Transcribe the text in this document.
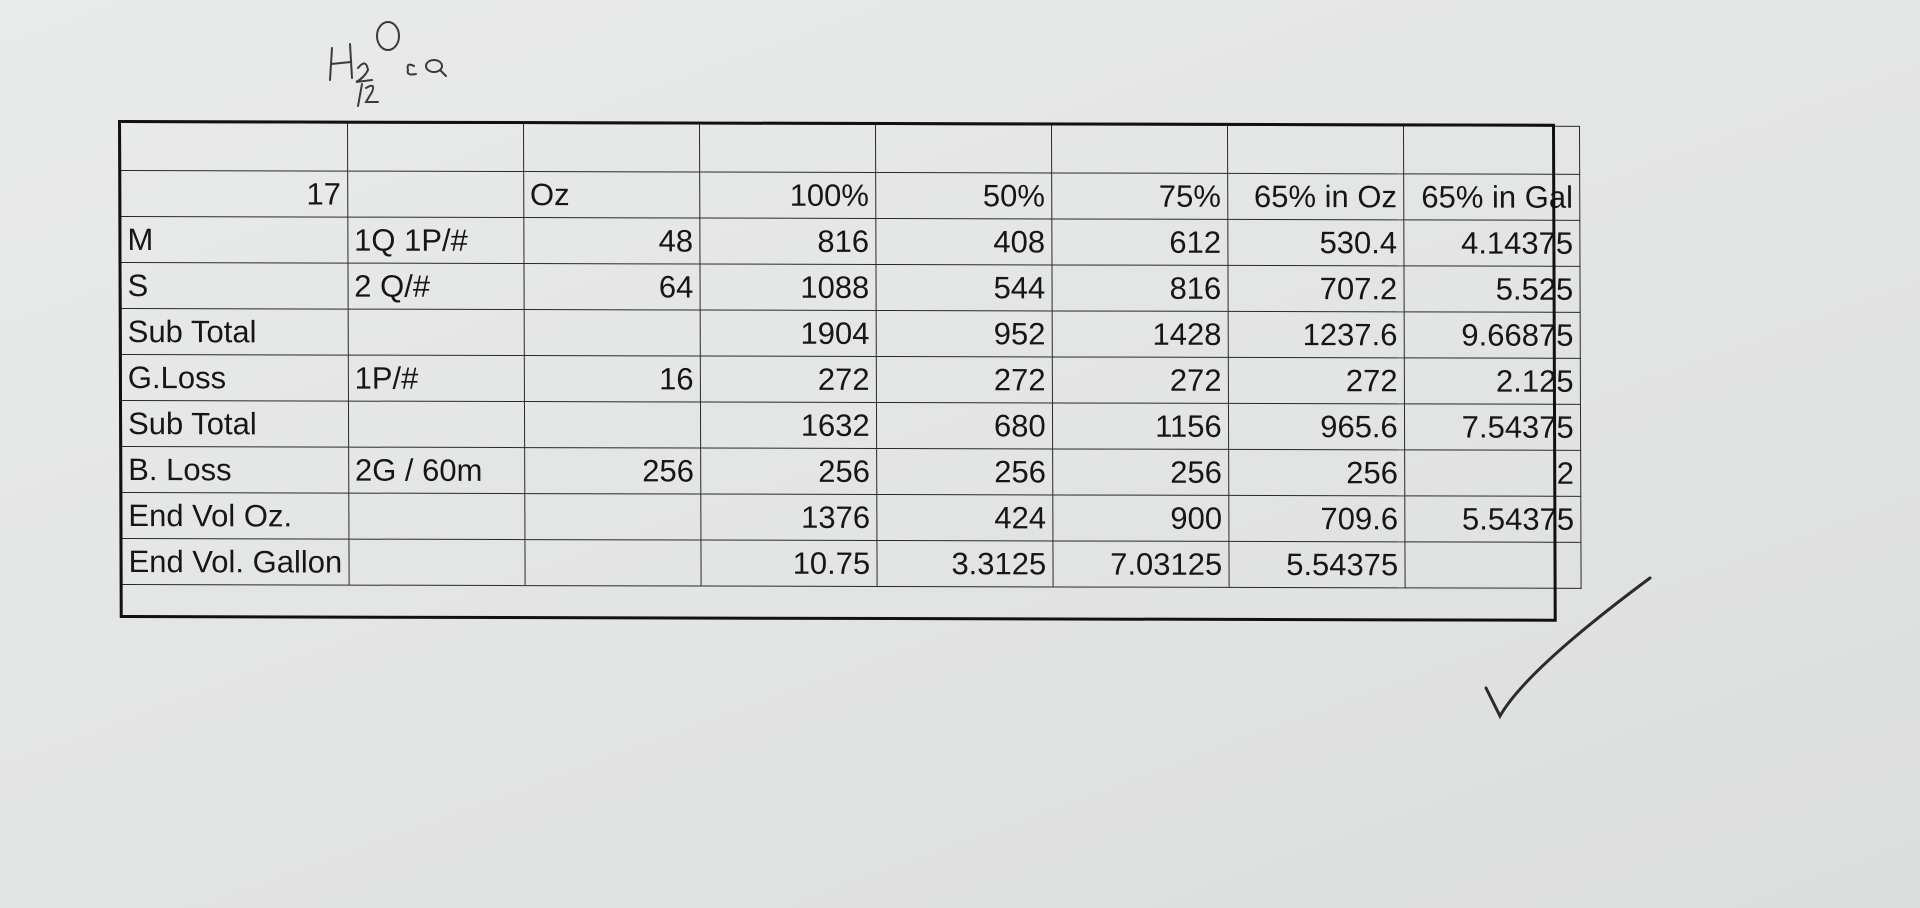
17		Oz	100%	50%	75%	65% in Oz	65% in Gal
M	1Q 1P/#	48	816	408	612	530.4	4.14375
S	2 Q/#	64	1088	544	816	707.2	5.525
Sub Total			1904	952	1428	1237.6	9.66875
G.Loss	1P/#	16	272	272	272	272	2.125
Sub Total			1632	680	1156	965.6	7.54375
B. Loss	2G / 60m	256	256	256	256	256	2
End Vol Oz.			1376	424	900	709.6	5.54375
End Vol. Gallon			10.75	3.3125	7.03125	5.54375	
